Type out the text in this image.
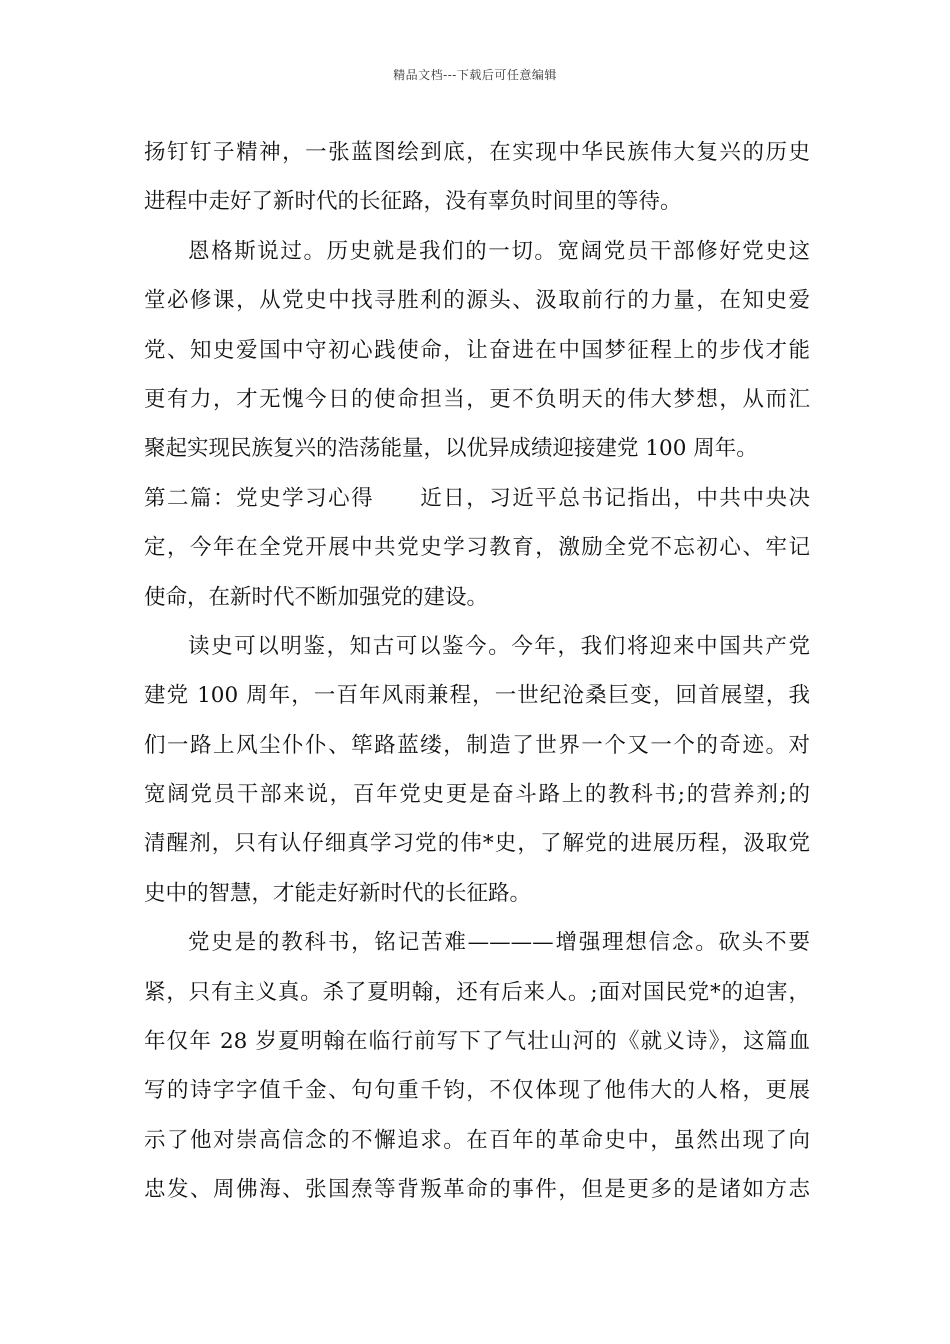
精品文档---下载后可任意编辑
扬钉钉子精神，一张蓝图绘到底，在实现中华民族伟大复兴的历史
进程中走好了新时代的长征路，没有辜负时间里的等待。
恩格斯说过。历史就是我们的一切。宽阔党员干部修好党史这
堂必修课，从党史中找寻胜利的源头、汲取前行的力量，在知史爱
党、知史爱国中守初心践使命，让奋进在中国梦征程上的步伐才能
更有力，才无愧今日的使命担当，更不负明天的伟大梦想，从而汇
聚起实现民族复兴的浩荡能量，以优异成绩迎接建党 100 周年。
第二篇：党史学习心得　　近日，习近平总书记指出，中共中央决
定，今年在全党开展中共党史学习教育，激励全党不忘初心、牢记
使命，在新时代不断加强党的建设。
读史可以明鉴，知古可以鉴今。今年，我们将迎来中国共产党
建党 100 周年，一百年风雨兼程，一世纪沧桑巨变，回首展望，我
们一路上风尘仆仆、筚路蓝缕，制造了世界一个又一个的奇迹。对
宽阔党员干部来说，百年党史更是奋斗路上的教科书;的营养剂;的
清醒剂，只有认仔细真学习党的伟*史，了解党的进展历程，汲取党
史中的智慧，才能走好新时代的长征路。
党史是的教科书，铭记苦难————增强理想信念。砍头不要
紧，只有主义真。杀了夏明翰，还有后来人。;面对国民党*的迫害，
年仅年 28 岁夏明翰在临行前写下了气壮山河的《就义诗》，这篇血
写的诗字字值千金、句句重千钧，不仅体现了他伟大的人格，更展
示了他对崇高信念的不懈追求。在百年的革命史中，虽然出现了向
忠发、周佛海、张国焘等背叛革命的事件，但是更多的是诸如方志
